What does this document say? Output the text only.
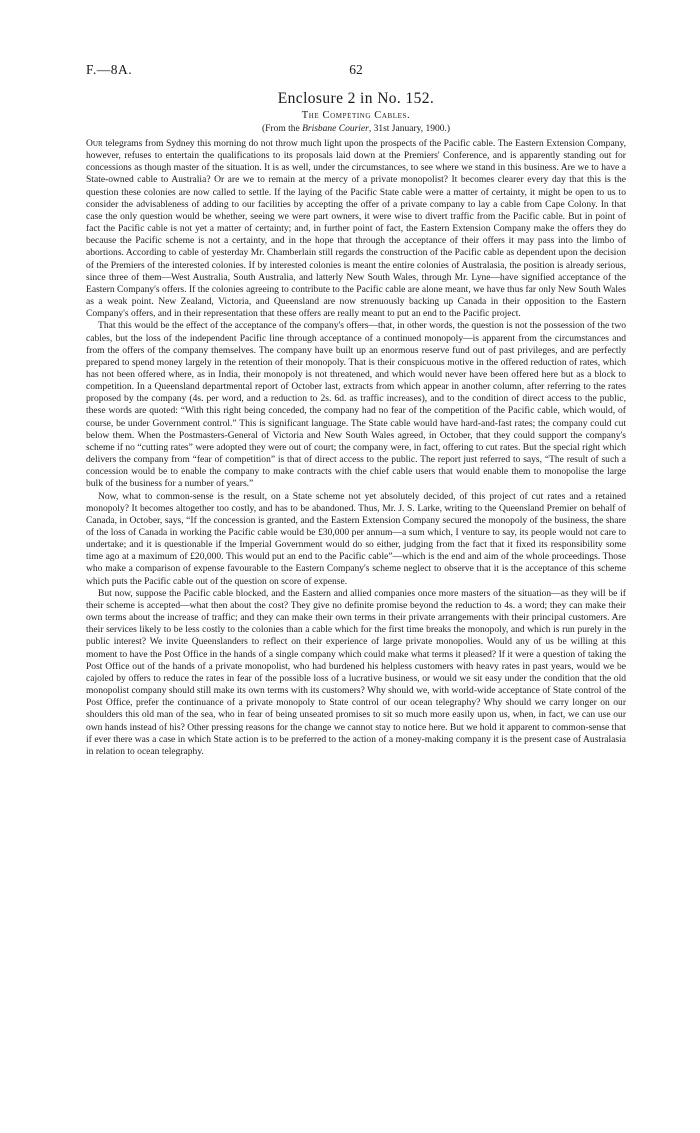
F.—8A.	62
Enclosure 2 in No. 152.
The Competing Cables.
(From the Brisbane Courier, 31st January, 1900.)

Our telegrams from Sydney this morning do not throw much light upon the prospects of the Pacific cable. The Eastern Extension Company, however, refuses to entertain the qualifications to its proposals laid down at the Premiers' Conference, and is apparently standing out for concessions as though master of the situation. It is as well, under the circumstances, to see where we stand in this business. Are we to have a State-owned cable to Australia? Or are we to remain at the mercy of a private monopolist? It becomes clearer every day that this is the question these colonies are now called to settle. If the laying of the Pacific State cable were a matter of certainty, it might be open to us to consider the advisableness of adding to our facilities by accepting the offer of a private company to lay a cable from Cape Colony. In that case the only question would be whether, seeing we were part owners, it were wise to divert traffic from the Pacific cable. But in point of fact the Pacific cable is not yet a matter of certainty; and, in further point of fact, the Eastern Extension Company make the offers they do because the Pacific scheme is not a certainty, and in the hope that through the acceptance of their offers it may pass into the limbo of abortions. According to cable of yesterday Mr. Chamberlain still regards the construction of the Pacific cable as dependent upon the decision of the Premiers of the interested colonies. If by interested colonies is meant the entire colonies of Australasia, the position is already serious, since three of them—West Australia, South Australia, and latterly New South Wales, through Mr. Lyne—have signified acceptance of the Eastern Company's offers. If the colonies agreeing to contribute to the Pacific cable are alone meant, we have thus far only New South Wales as a weak point. New Zealand, Victoria, and Queensland are now strenuously backing up Canada in their opposition to the Eastern Company's offers, and in their representation that these offers are really meant to put an end to the Pacific project.

That this would be the effect of the acceptance of the company's offers—that, in other words, the question is not the possession of the two cables, but the loss of the independent Pacific line through acceptance of a continued monopoly—is apparent from the circumstances and from the offers of the company themselves. The company have built up an enormous reserve fund out of past privileges, and are perfectly prepared to spend money largely in the retention of their monopoly. That is their conspicuous motive in the offered reduction of rates, which has not been offered where, as in India, their monopoly is not threatened, and which would never have been offered here but as a block to competition. In a Queensland departmental report of October last, extracts from which appear in another column, after referring to the rates proposed by the company (4s. per word, and a reduction to 2s. 6d. as traffic increases), and to the condition of direct access to the public, these words are quoted: “With this right being conceded, the company had no fear of the competition of the Pacific cable, which would, of course, be under Government control.” This is significant language. The State cable would have hard-and-fast rates; the company could cut below them. When the Postmasters-General of Victoria and New South Wales agreed, in October, that they could support the company's scheme if no “cutting rates” were adopted they were out of court; the company were, in fact, offering to cut rates. But the special right which delivers the company from “fear of competition” is that of direct access to the public. The report just referred to says, “The result of such a concession would be to enable the company to make contracts with the chief cable users that would enable them to monopolise the large bulk of the business for a number of years.”

Now, what to common-sense is the result, on a State scheme not yet absolutely decided, of this project of cut rates and a retained monopoly? It becomes altogether too costly, and has to be abandoned. Thus, Mr. J. S. Larke, writing to the Queensland Premier on behalf of Canada, in October, says, “If the concession is granted, and the Eastern Extension Company secured the monopoly of the business, the share of the loss of Canada in working the Pacific cable would be £30,000 per annum—a sum which, I venture to say, its people would not care to undertake; and it is questionable if the Imperial Government would do so either, judging from the fact that it fixed its responsibility some time ago at a maximum of £20,000. This would put an end to the Pacific cable”—which is the end and aim of the whole proceedings. Those who make a comparison of expense favourable to the Eastern Company's scheme neglect to observe that it is the acceptance of this scheme which puts the Pacific cable out of the question on score of expense.

But now, suppose the Pacific cable blocked, and the Eastern and allied companies once more masters of the situation—as they will be if their scheme is accepted—what then about the cost? They give no definite promise beyond the reduction to 4s. a word; they can make their own terms about the increase of traffic; and they can make their own terms in their private arrangements with their principal customers. Are their services likely to be less costly to the colonies than a cable which for the first time breaks the monopoly, and which is run purely in the public interest? We invite Queenslanders to reflect on their experience of large private monopolies. Would any of us be willing at this moment to have the Post Office in the hands of a single company which could make what terms it pleased? If it were a question of taking the Post Office out of the hands of a private monopolist, who had burdened his helpless customers with heavy rates in past years, would we be cajoled by offers to reduce the rates in fear of the possible loss of a lucrative business, or would we sit easy under the condition that the old monopolist company should still make its own terms with its customers? Why should we, with world-wide acceptance of State control of the Post Office, prefer the continuance of a private monopoly to State control of our ocean telegraphy? Why should we carry longer on our shoulders this old man of the sea, who in fear of being unseated promises to sit so much more easily upon us, when, in fact, we can use our own hands instead of his? Other pressing reasons for the change we cannot stay to notice here. But we hold it apparent to common-sense that if ever there was a case in which State action is to be preferred to the action of a money-making company it is the present case of Australasia in relation to ocean telegraphy.
